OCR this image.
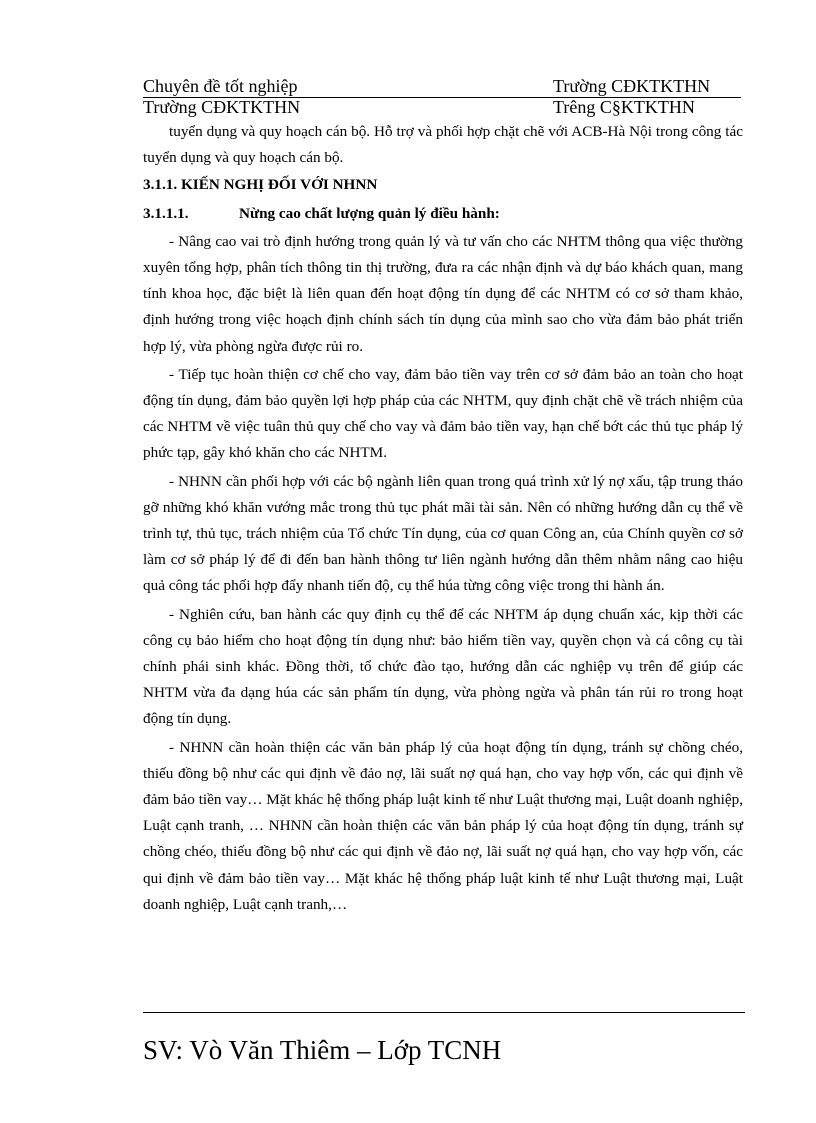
Chuyên đề tốt nghiệp	Trường CĐKTKTHN
Trường CĐKTKTHN	Trêng C§KTKTHN

tuyển dụng và quy hoạch cán bộ. Hỗ trợ và phối hợp chặt chẽ với ACB-Hà Nội trong công tác tuyển dụng và quy hoạch cán bộ.

3.1.1. KIẾN NGHỊ ĐỐI VỚI NHNN

3.1.1.1.	Nừng cao chất lượng quản lý điều hành:

- Nâng cao vai trò định hướng trong quản lý và tư vấn cho các NHTM thông qua việc thường xuyên tổng hợp, phân tích thông tin thị trường, đưa ra các nhận định và dự báo khách quan, mang tính khoa học, đặc biệt là liên quan đến hoạt động tín dụng để các NHTM có cơ sở tham khảo, định hướng trong việc hoạch định chính sách tín dụng của mình sao cho vừa đảm bảo phát triển hợp lý, vừa phòng ngừa được rủi ro.

- Tiếp tục hoàn thiện cơ chế cho vay, đảm bảo tiền vay trên cơ sở đảm bảo an toàn cho hoạt động tín dụng, đảm bảo quyền lợi hợp pháp của các NHTM, quy định chặt chẽ về trách nhiệm của các NHTM về việc tuân thủ quy chế cho vay và đảm bảo tiền vay, hạn chế bớt các thủ tục pháp lý phức tạp, gây khó khăn cho các NHTM.

- NHNN cần phối hợp với các bộ ngành liên quan trong quá trình xử lý nợ xấu, tập trung tháo gỡ những khó khăn vướng mắc trong thủ tục phát mãi tài sản. Nên có những hướng dẫn cụ thể về trình tự, thủ tục, trách nhiệm của Tổ chức Tín dụng, của cơ quan Công an, của Chính quyền cơ sở làm cơ sở pháp lý để đi đến ban hành thông tư liên ngành hướng dẫn thêm nhằm nâng cao hiệu quả công tác phối hợp đẩy nhanh tiến độ, cụ thể húa từng công việc trong thi hành án.

- Nghiên cứu, ban hành các quy định cụ thể để các NHTM áp dụng chuẩn xác, kịp thời các công cụ bảo hiểm cho hoạt động tín dụng như: bảo hiểm tiền vay, quyền chọn và cá công cụ tài chính phái sinh khác. Đồng thời, tổ chức đào tạo, hướng dẫn các nghiệp vụ trên để giúp các NHTM vừa đa dạng húa các sản phẩm tín dụng, vừa phòng ngừa và phân tán rủi ro trong hoạt động tín dụng.

- NHNN cần hoàn thiện các văn bản pháp lý của hoạt động tín dụng, tránh sự chồng chéo, thiếu đồng bộ như các qui định về đảo nợ, lãi suất nợ quá hạn, cho vay hợp vốn, các qui định về đảm bảo tiền vay… Mặt khác hệ thống pháp luật kinh tế như Luật thương mại, Luật doanh nghiệp, Luật cạnh tranh, … NHNN cần hoàn thiện các văn bản pháp lý của hoạt động tín dụng, tránh sự chồng chéo, thiếu đồng bộ như các qui định về đảo nợ, lãi suất nợ quá hạn, cho vay hợp vốn, các qui định về đảm bảo tiền vay… Mặt khác hệ thống pháp luật kinh tế như Luật thương mại, Luật doanh nghiệp, Luật cạnh tranh,…

SV: Vò Văn Thiêm – Lớp TCNH
